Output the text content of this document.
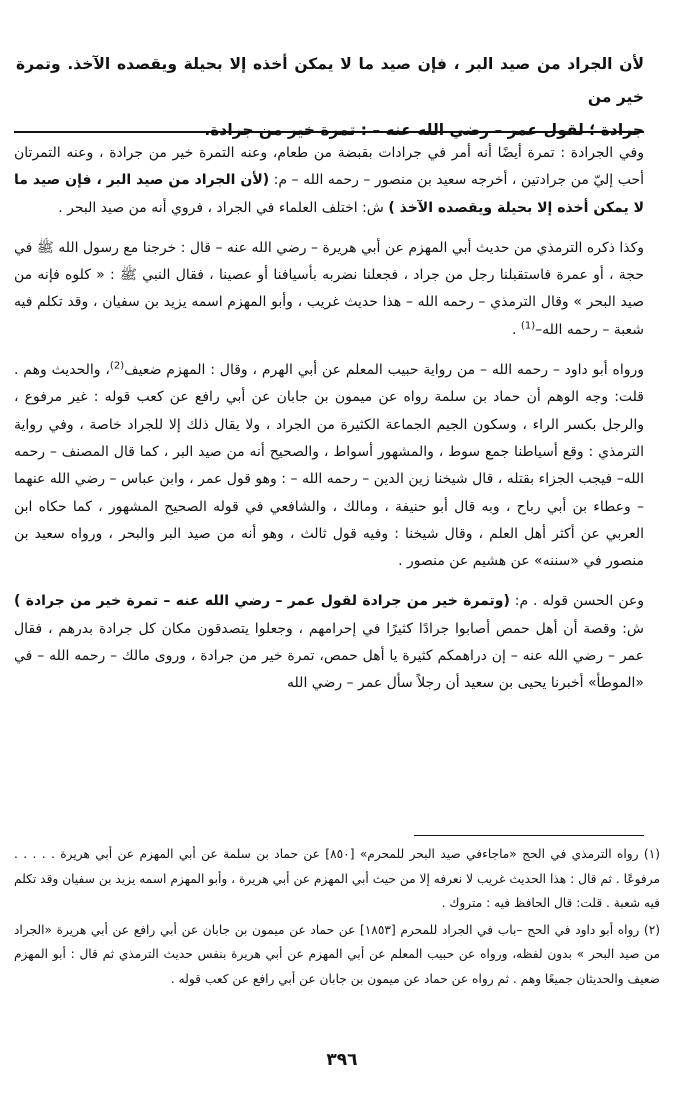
لأن الجراد من صيد البر ، فإن صيد ما لا يمكن أخذه إلا بحيلة ويقصده الآخذ. وتمرة خير من
جرادة ؛ لقول عمر – رضي الله عنه – : تمرة خير من جرادة.

وفي الجرادة : تمرة أيضًا أنه أمر في جرادات بقبضة من طعام، وعنه التمرة خير من جرادة ، وعنه التمرتان أحب إليّ من جرادتين ، أخرجه سعيد بن منصور – رحمه الله – م: (لأن الجراد من صيد البر ، فإن صيد ما لا يمكن أخذه إلا بحيلة ويقصده الآخذ ) ش: اختلف العلماء في الجراد ، فروي أنه من صيد البحر .

وكذا ذكره الترمذي من حديث أبي المهزم عن أبي هريرة – رضي الله عنه – قال : خرجنا مع رسول الله ﷺ في حجة ، أو عمرة فاستقبلنا رجل من جراد ، فجعلنا نضربه بأسيافنا أو عصينا ، فقال النبي ﷺ : « كلوه فإنه من صيد البحر » وقال الترمذي – رحمه الله – هذا حديث غريب ، وأبو المهزم اسمه يزيد بن سفيان ، وقد تكلم فيه شعبة – رحمه الله–$^{(1)}$ .

ورواه أبو داود – رحمه الله – من رواية حبيب المعلم عن أبي الهرم ، وقال : المهزم ضعيف$^{(2)}$، والحديث وهم . قلت: وجه الوهم أن حماد بن سلمة رواه عن ميمون بن جابان عن أبي رافع عن كعب قوله : غير مرفوع ، والرجل بكسر الراء ، وسكون الجيم الجماعة الكثيرة من الجراد ، ولا يقال ذلك إلا للجراد خاصة ، وفي رواية الترمذي : وقع أسياطنا جمع سوط ، والمشهور أسواط ، والصحيح أنه من صيد البر ، كما قال المصنف – رحمه الله– فيجب الجزاء بقتله ، قال شيخنا زين الدين – رحمه الله – : وهو قول عمر ، وابن عباس – رضي الله عنهما – وعطاء بن أبي رباح ، وبه قال أبو حنيفة ، ومالك ، والشافعي في قوله الصحيح المشهور ، كما حكاه ابن العربي عن أكثر أهل العلم ، وقال شيخنا : وفيه قول ثالث ، وهو أنه من صيد البر والبحر ، ورواه سعيد بن منصور في «سننه» عن هشيم عن منصور .

وعن الحسن قوله . م: (وتمرة خير من جرادة لقول عمر – رضي الله عنه – تمرة خير من جرادة ) ش: وقصة أن أهل حمص أصابوا جرادًا كثيرًا في إحرامهم ، وجعلوا يتصدقون مكان كل جرادة بدرهم ، فقال عمر – رضي الله عنه – إن دراهمكم كثيرة يا أهل حمص، تمرة خير من جرادة ، وروى مالك – رحمه الله – في «الموطأ» أخبرنا يحيى بن سعيد أن رجلاً سأل عمر – رضي الله

(١) رواه الترمذي في الحج «ماجاءفي صيد البحر للمحرم» [٨٥٠] عن حماد بن سلمة عن أبي المهزم عن أبي هريرة . . . . . مرفوعًا . ثم قال : هذا الحديث غريب لا نعرفه إلا من حيث أبي المهزم عن أبي هريرة ، وأبو المهزم اسمه يزيد بن سفيان وقد تكلم فيه شعبة . قلت: قال الحافظ فيه : متروك .

(٢) رواه أبو داود في الحج –باب في الجراد للمحرم [١٨٥٣] عن حماد عن ميمون بن جابان عن أبي رافع عن أبي هريرة «الجراد من صيد البحر » بدون لفظه، ورواه عن حبيب المعلم عن أبي المهزم عن أبي هريرة بنفس حديث الترمذي ثم قال : أبو المهزم ضعيف والحديثان جميعًا وهم . ثم رواه عن حماد عن ميمون بن جابان عن أبي رافع عن كعب قوله .

٣٩٦
